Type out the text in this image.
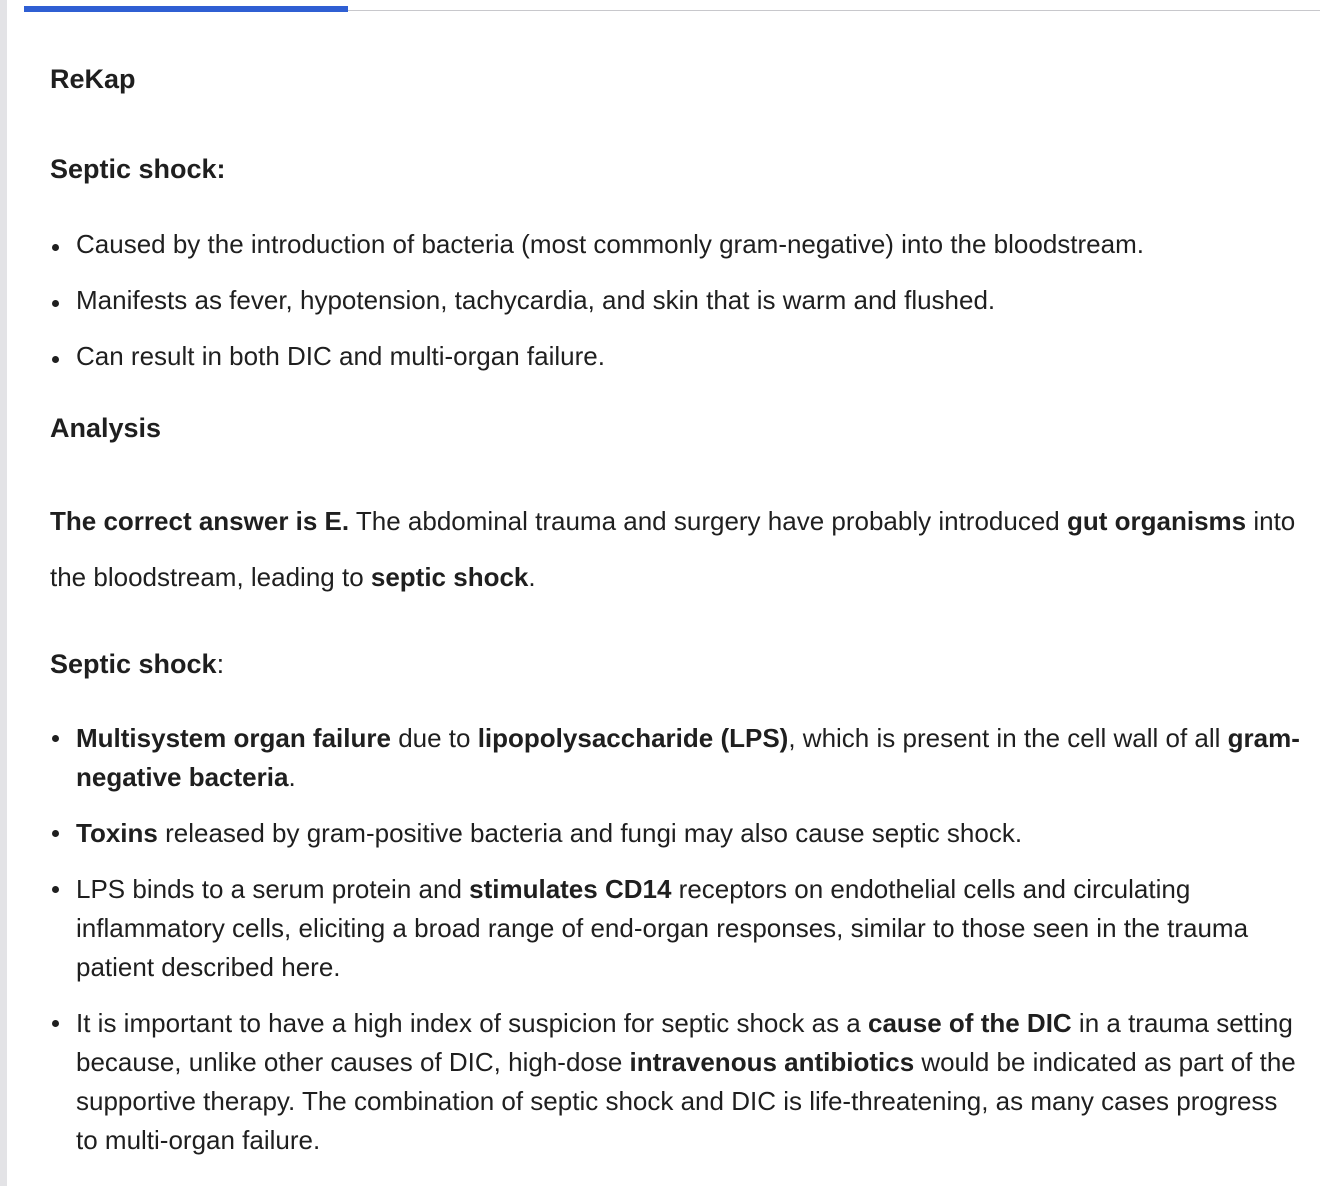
ReKap
Septic shock:
Caused by the introduction of bacteria (most commonly gram-negative) into the bloodstream.
Manifests as fever, hypotension, tachycardia, and skin that is warm and flushed.
Can result in both DIC and multi-organ failure.
Analysis

The correct answer is E. The abdominal trauma and surgery have probably introduced gut organisms into the bloodstream, leading to septic shock.

Septic shock:
Multisystem organ failure due to lipopolysaccharide (LPS), which is present in the cell wall of all gram-negative bacteria.
Toxins released by gram-positive bacteria and fungi may also cause septic shock.
LPS binds to a serum protein and stimulates CD14 receptors on endothelial cells and circulating inflammatory cells, eliciting a broad range of end-organ responses, similar to those seen in the trauma patient described here.
It is important to have a high index of suspicion for septic shock as a cause of the DIC in a trauma setting because, unlike other causes of DIC, high-dose intravenous antibiotics would be indicated as part of the supportive therapy. The combination of septic shock and DIC is life-threatening, as many cases progress to multi-organ failure.
